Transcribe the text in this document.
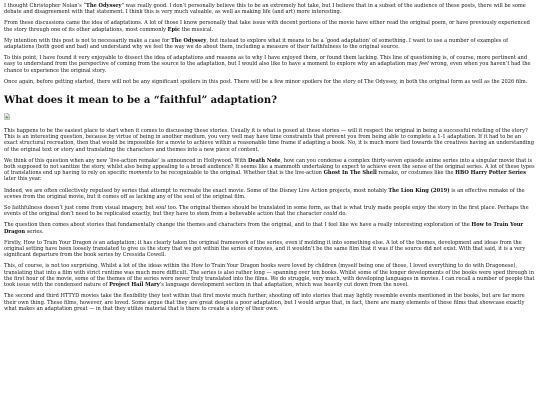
I thought Christopher Nolan’s “The Odyssey” was really good. I don’t personally believe this to be an extremely hot take, but I believe that in a subset of the audience of these posts, there will be some debate and disagreement with that statement. I think this is very much valuable, as well as making life (and art) more interesting.

From these discussions came the idea of adaptations. A lot of those I know personally that take issue with decent portions of the movie have either read the original poem, or have previously experienced the story through one of its other adaptations, most commonly Epic the musical.

My intention with this post is not to necessarily make a case for The Odyssey, but instead to explore what it means to be a ‘good adaptation’ of something. I want to use a number of examples of adaptations (both good and bad) and understand why we feel the way we do about them, including a measure of their faithfulness to the original source.

To this point, I have found it very enjoyable to dissect the idea of adaptations and reasons as to why I have enjoyed them, or found them lacking. This line of questioning is, of course, more pertinent and easy to understand from the perspective of coming from the source to the adaptation, but I would also like to have a moment to explore why an adaptation may feel wrong, even when you haven’t had the chance to experience the original story.

Once again, before getting started, there will not be any significant spoilers in this post. There will be a few minor spoilers for the story of The Odyssey, in both the original form as well as the 2026 film.

What does it mean to be a “faithful” adaptation?

This happens to be the easiest place to start when it comes to discussing these stories. Usually it is what is posed at these stories — will it respect the original in being a successful retelling of the story? This is an interesting question, because by virtue of being in another medium, you very well may have time constraints that prevent you from being able to complete a 1-1 adaptation. If it had to be an exact structural recreation, then that would be impossible for a movie to achieve within a reasonable time frame if adapting a book. No, it is much more tied towards the creatives having an understanding of the original text or story and translating the characters and themes into a new piece of content.

We think of this question when any new ‘live-action remake’ is announced in Hollywood. With Death Note, how can you condense a complex thirty-seven episode anime series into a singular movie that is both supposed to not sanitize the story, whilst also being appealing to a broad audience? It seems like a mammoth undertaking to expect to achieve even the sense of the original series. A lot of these types of translations end up having to rely on specific moments to be recognizable to the original. Whether that is the live-action Ghost In The Shell remake, or costumes like the HBO Harry Potter Series later this year.

Indeed, we are often collectively repulsed by series that attempt to recreate the exact movie. Some of the Disney Live Action projects, most notably The Lion King (2019) is an effective remake of the scenes from the original movie, but it comes off as lacking any of the soul of the original film.

So faithfulness doesn’t just come from visual imagery, but soul too. The original themes should be translated in some form, as that is what truly made people enjoy the story in the first place. Perhaps the events of the original don’t need to be replicated exactly, but they have to stem from a believable action that the character could do.

The question then comes about stories that fundamentally change the themes and characters from the original, and to that I feel like we have a really interesting exploration of the How to Train Your Dragon series.

Firstly, How to Train Your Dragon is an adaptation; it has clearly taken the original framework of the series, even if molding it into something else. A lot of the themes, development and ideas from the original setting have been loosely translated to give us the story that we got within the series of movies, and it wouldn’t be the same film that it was if the source did not exist. With that said, it is a very significant departure from the book series by Cressida Cowell.

This, of course, is not too surprising. Whilst a lot of the ideas within the How to Train Your Dragon books were loved by children (myself being one of those, I loved everything to do with Dragonese), translating that into a film with strict runtime was much more difficult. The series is also rather long — spanning over ten books. Whilst some of the longer developments of the books were sped through in the first hour of the movie, some of the themes of the series were never truly translated into the films. We do struggle, very much, with developing languages in movies. I can recall a number of people that took issue with the condensed nature of Project Hail Mary’s language development section in that adaptation, which was heavily cut down from the novel.

The second and third HTTYD movies take the flexibility they test within that first movie much further, shooting off into stories that may lightly resemble events mentioned in the books, but are far more their own thing. These films, however, are loved. Some argue that they are great despite a poor adaptation, but I would argue that, in fact, there are many elements of these films that showcase exactly what makes an adaptation great — in that they utilize material that is there to create a story of their own.
